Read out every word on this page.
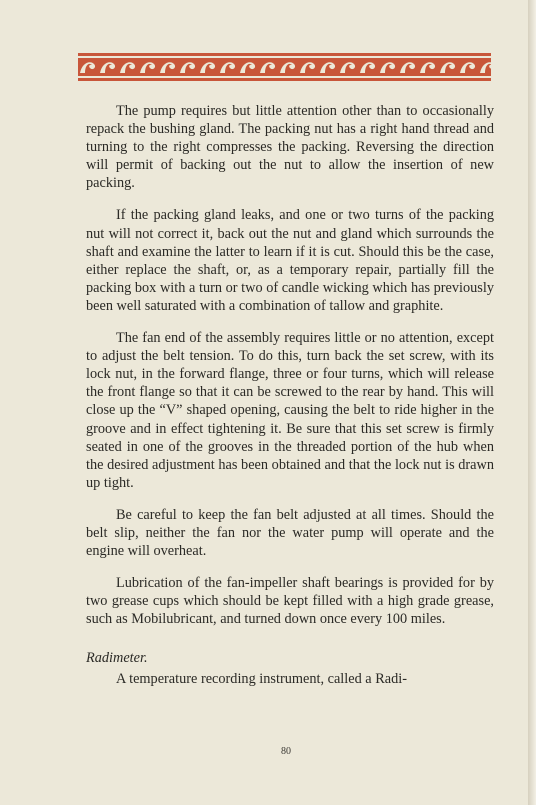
The pump requires but little attention other than to occasionally repack the bushing gland. The packing nut has a right hand thread and turning to the right compresses the packing. Reversing the direction will permit of backing out the nut to allow the insertion of new packing.

If the packing gland leaks, and one or two turns of the packing nut will not correct it, back out the nut and gland which surrounds the shaft and examine the latter to learn if it is cut. Should this be the case, either replace the shaft, or, as a temporary repair, partially fill the packing box with a turn or two of candle wicking which has previously been well saturated with a combination of tallow and graphite.

The fan end of the assembly requires little or no attention, except to adjust the belt tension. To do this, turn back the set screw, with its lock nut, in the forward flange, three or four turns, which will release the front flange so that it can be screwed to the rear by hand. This will close up the “V” shaped opening, causing the belt to ride higher in the groove and in effect tightening it. Be sure that this set screw is firmly seated in one of the grooves in the threaded portion of the hub when the desired adjustment has been obtained and that the lock nut is drawn up tight.

Be careful to keep the fan belt adjusted at all times. Should the belt slip, neither the fan nor the water pump will operate and the engine will overheat.

Lubrication of the fan-impeller shaft bearings is provided for by two grease cups which should be kept filled with a high grade grease, such as Mobilubricant, and turned down once every 100 miles.

Radimeter.

A temperature recording instrument, called a Radi-

80
